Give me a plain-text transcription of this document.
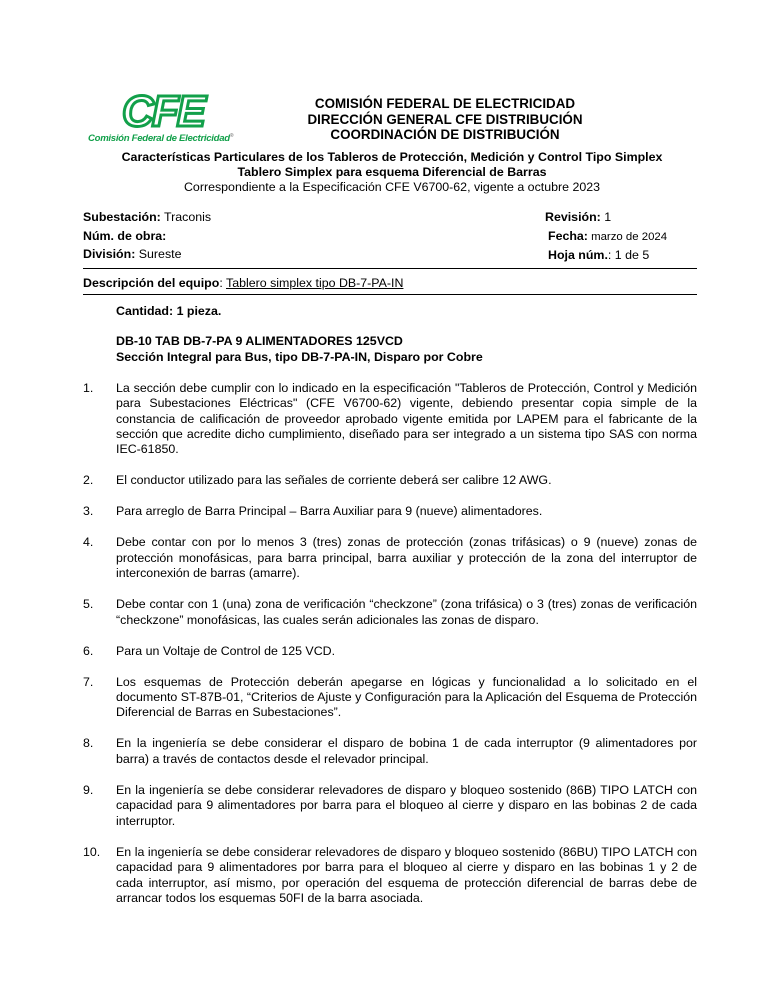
CFE
Comisión Federal de Electricidad®
COMISIÓN FEDERAL DE ELECTRICIDAD
DIRECCIÓN GENERAL CFE DISTRIBUCIÓN
COORDINACIÓN DE DISTRIBUCIÓN
Características Particulares de los Tableros de Protección, Medición y Control Tipo Simplex
Tablero Simplex para esquema Diferencial de Barras
Correspondiente a la Especificación CFE V6700-62, vigente a octubre 2023
Subestación: Traconis
Núm. de obra:
División: Sureste
Revisión: 1
Fecha: marzo de 2024
Hoja núm.: 1 de 5
Descripción del equipo: Tablero simplex tipo DB-7-PA-IN

Cantidad: 1 pieza.

DB-10 TAB DB-7-PA 9 ALIMENTADORES 125VCD

Sección Integral para Bus, tipo DB-7-PA-IN, Disparo por Cobre

1. La sección debe cumplir con lo indicado en la especificación "Tableros de Protección, Control y Medición para Subestaciones Eléctricas" (CFE V6700-62) vigente, debiendo presentar copia simple de la constancia de calificación de proveedor aprobado vigente emitida por LAPEM para el fabricante de la sección que acredite dicho cumplimiento, diseñado para ser integrado a un sistema tipo SAS con norma IEC-61850.
2. El conductor utilizado para las señales de corriente deberá ser calibre 12 AWG.
3. Para arreglo de Barra Principal – Barra Auxiliar para 9 (nueve) alimentadores.
4. Debe contar con por lo menos 3 (tres) zonas de protección (zonas trifásicas) o 9 (nueve) zonas de protección monofásicas, para barra principal, barra auxiliar y protección de la zona del interruptor de interconexión de barras (amarre).
5. Debe contar con 1 (una) zona de verificación “checkzone” (zona trifásica) o 3 (tres) zonas de verificación “checkzone” monofásicas, las cuales serán adicionales las zonas de disparo.
6. Para un Voltaje de Control de 125 VCD.
7. Los esquemas de Protección deberán apegarse en lógicas y funcionalidad a lo solicitado en el documento ST-87B-01, “Criterios de Ajuste y Configuración para la Aplicación del Esquema de Protección Diferencial de Barras en Subestaciones”.
8. En la ingeniería se debe considerar el disparo de bobina 1 de cada interruptor (9 alimentadores por barra) a través de contactos desde el relevador principal.
9. En la ingeniería se debe considerar relevadores de disparo y bloqueo sostenido (86B) TIPO LATCH con capacidad para 9 alimentadores por barra para el bloqueo al cierre y disparo en las bobinas 2 de cada interruptor.
10. En la ingeniería se debe considerar relevadores de disparo y bloqueo sostenido (86BU) TIPO LATCH con capacidad para 9 alimentadores por barra para el bloqueo al cierre y disparo en las bobinas 1 y 2 de cada interruptor, así mismo, por operación del esquema de protección diferencial de barras debe de arrancar todos los esquemas 50FI de la barra asociada.
